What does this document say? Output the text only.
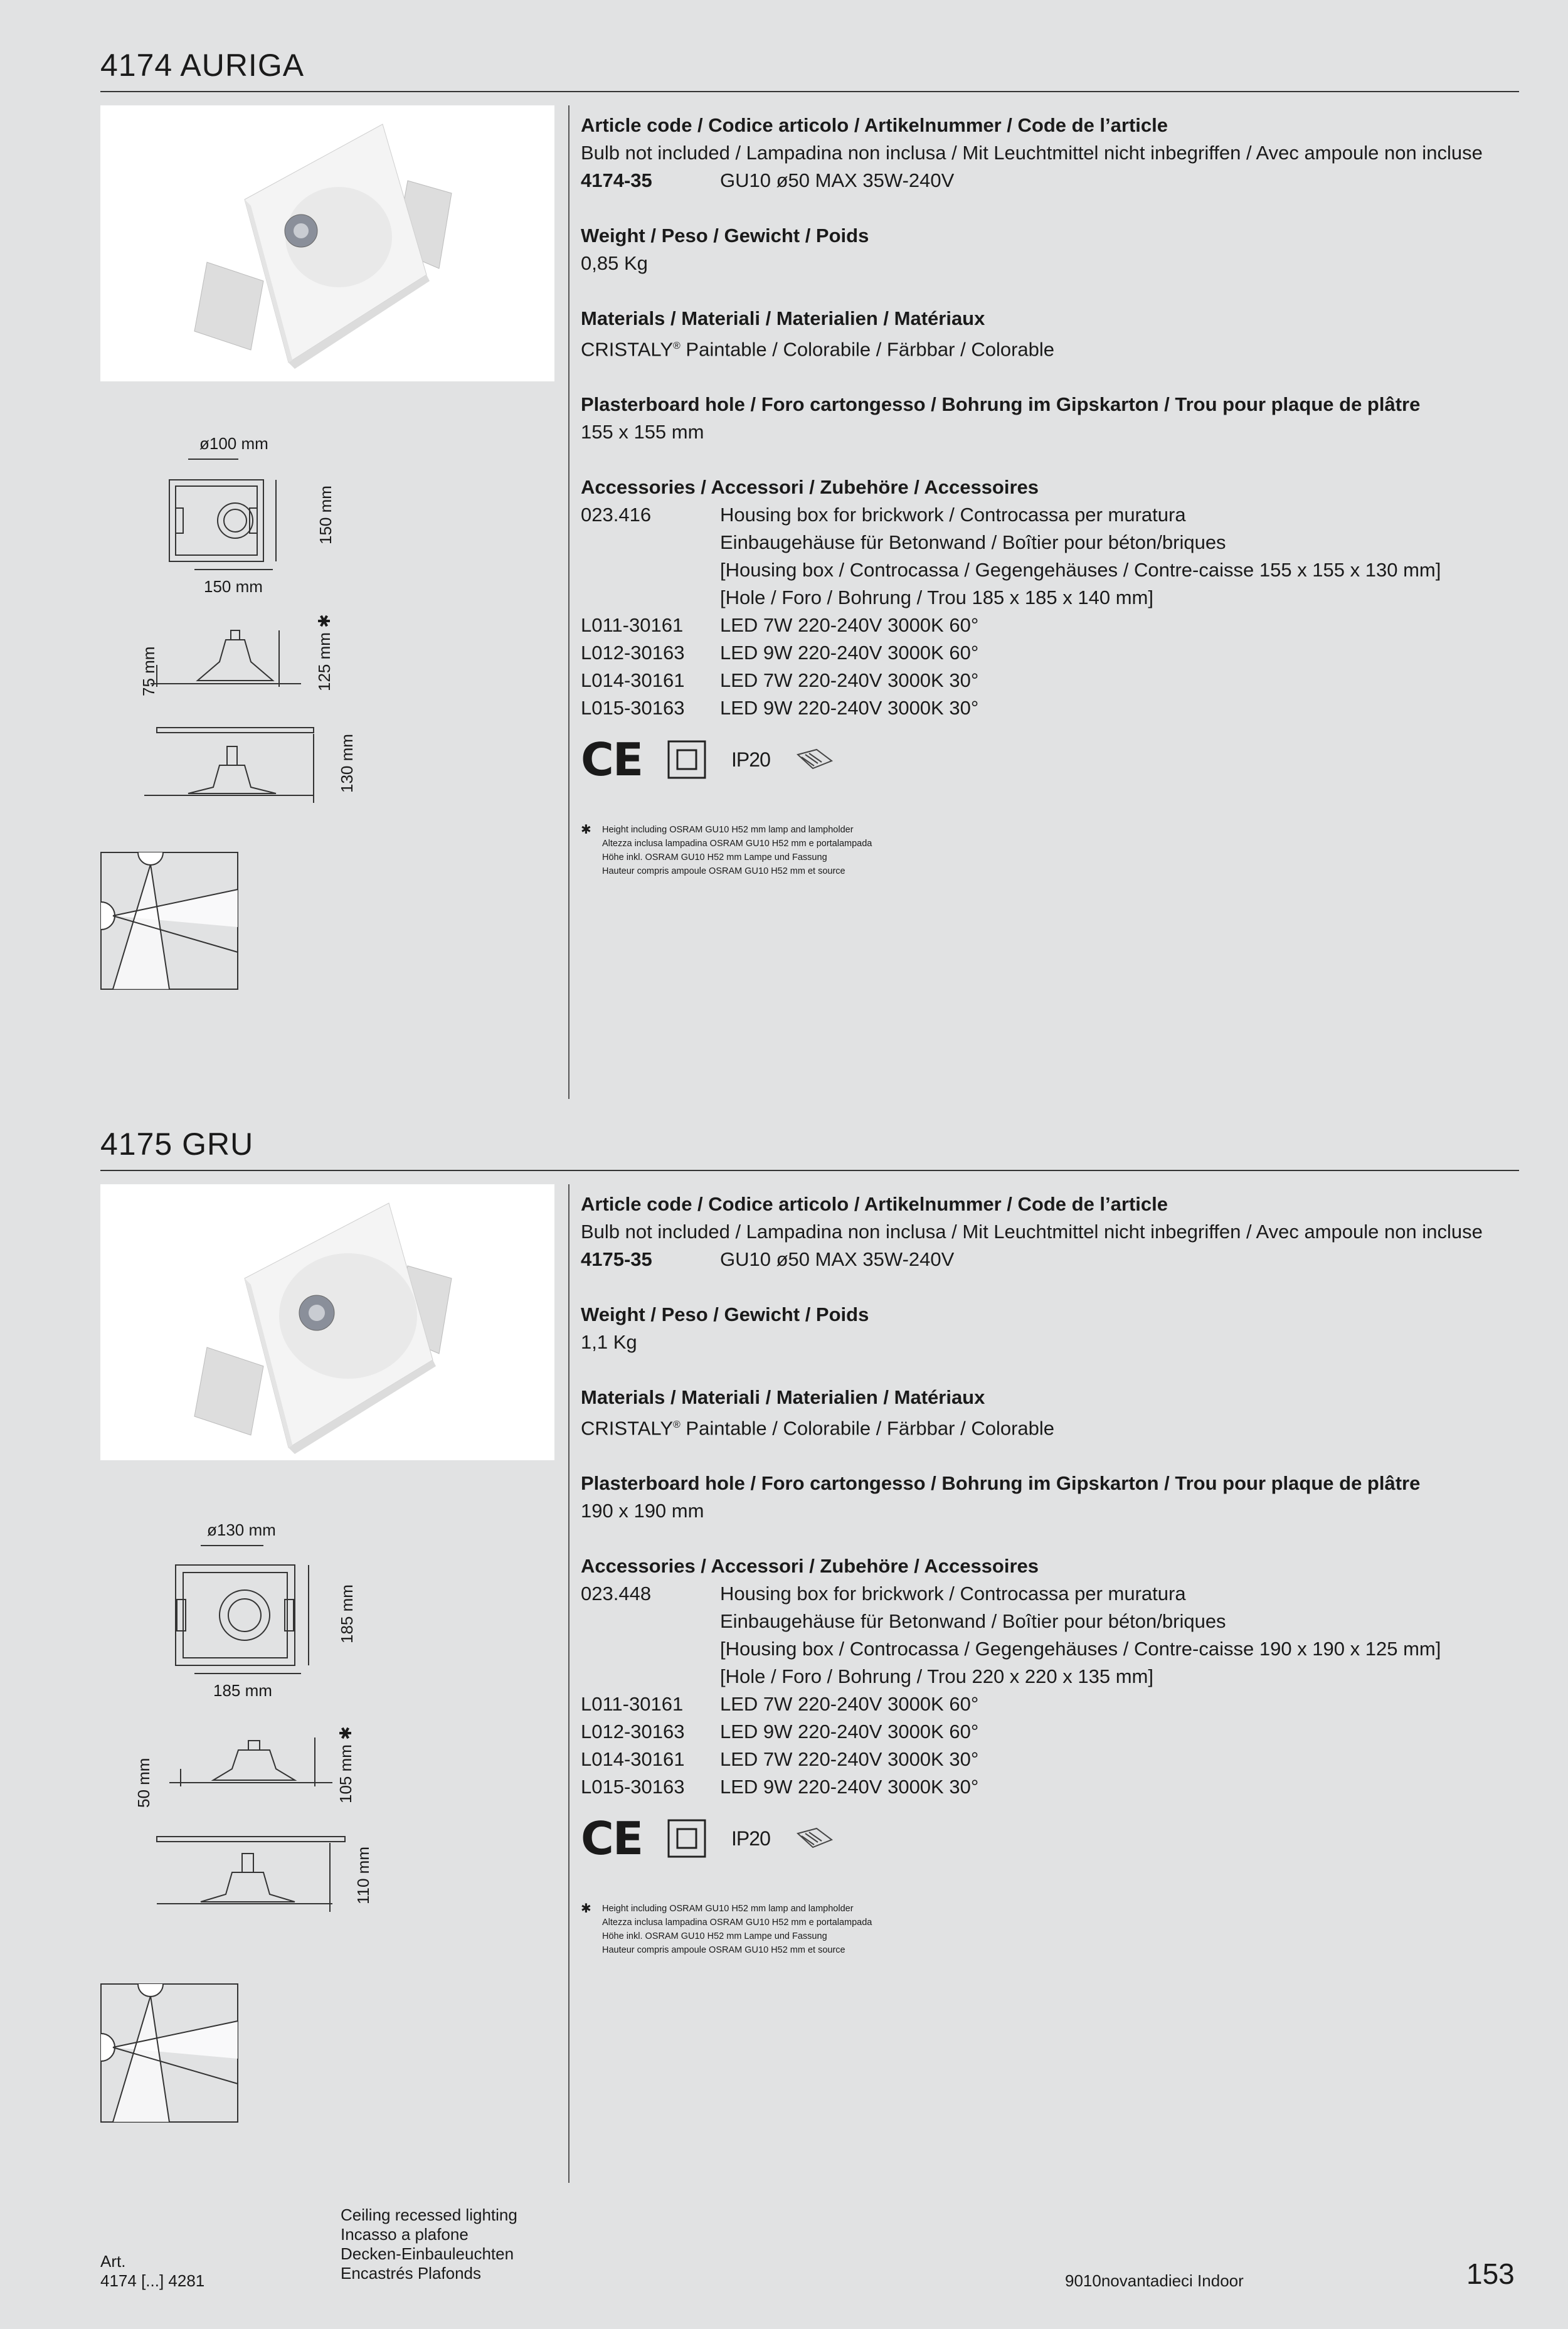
4174 AURIGA
Article code / Codice articolo / Artikelnummer / Code de l’article
Bulb not included / Lampadina non inclusa / Mit Leuchtmittel nicht inbegriffen / Avec ampoule non incluse
4174-35	GU10 ø50 MAX 35W-240V
Weight / Peso / Gewicht / Poids
0,85 Kg
Materials / Materiali / Materialien / Matériaux
CRISTALY® Paintable / Colorabile / Färbbar / Colorable
Plasterboard hole / Foro cartongesso / Bohrung im Gipskarton / Trou pour plaque de plâtre
155 x 155 mm
Accessories / Accessori / Zubehöre / Accessoires
023.416	Housing box for brickwork / Controcassa per muratura
Einbaugehäuse für Betonwand / Boîtier pour béton/briques
[Housing box / Controcassa / Gegengehäuses / Contre-caisse 155 x 155 x 130 mm]
[Hole / Foro / Bohrung / Trou 185 x 185 x 140 mm]
L011-30161	LED 7W 220-240V 3000K 60°
L012-30163	LED 9W 220-240V 3000K 60°
L014-30161	LED 7W 220-240V 3000K 30°
L015-30163	LED 9W 220-240V 3000K 30°
CE	IP20
✱ Height including OSRAM GU10 H52 mm lamp and lampholder
Altezza inclusa lampadina OSRAM GU10 H52 mm e portalampada
Höhe inkl. OSRAM GU10 H52 mm Lampe und Fassung
Hauteur compris ampoule OSRAM GU10 H52 mm et source
ø100 mm
150 mm
150 mm
75 mm	125 mm ✱
130 mm
4175 GRU
Article code / Codice articolo / Artikelnummer / Code de l’article
Bulb not included / Lampadina non inclusa / Mit Leuchtmittel nicht inbegriffen / Avec ampoule non incluse
4175-35	GU10 ø50 MAX 35W-240V
Weight / Peso / Gewicht / Poids
1,1 Kg
Materials / Materiali / Materialien / Matériaux
CRISTALY® Paintable / Colorabile / Färbbar / Colorable
Plasterboard hole / Foro cartongesso / Bohrung im Gipskarton / Trou pour plaque de plâtre
190 x 190 mm
Accessories / Accessori / Zubehöre / Accessoires
023.448	Housing box for brickwork / Controcassa per muratura
Einbaugehäuse für Betonwand / Boîtier pour béton/briques
[Housing box / Controcassa / Gegengehäuses / Contre-caisse 190 x 190 x 125 mm]
[Hole / Foro / Bohrung / Trou 220 x 220 x 135 mm]
L011-30161	LED 7W 220-240V 3000K 60°
L012-30163	LED 9W 220-240V 3000K 60°
L014-30161	LED 7W 220-240V 3000K 30°
L015-30163	LED 9W 220-240V 3000K 30°
CE	IP20
✱ Height including OSRAM GU10 H52 mm lamp and lampholder
Altezza inclusa lampadina OSRAM GU10 H52 mm e portalampada
Höhe inkl. OSRAM GU10 H52 mm Lampe und Fassung
Hauteur compris ampoule OSRAM GU10 H52 mm et source
ø130 mm
185 mm
185 mm
50 mm	105 mm ✱
110 mm
Art.
4174 [...] 4281
Ceiling recessed lighting
Incasso a plafone
Decken-Einbauleuchten
Encastrés Plafonds	9010novantadieci Indoor	153
